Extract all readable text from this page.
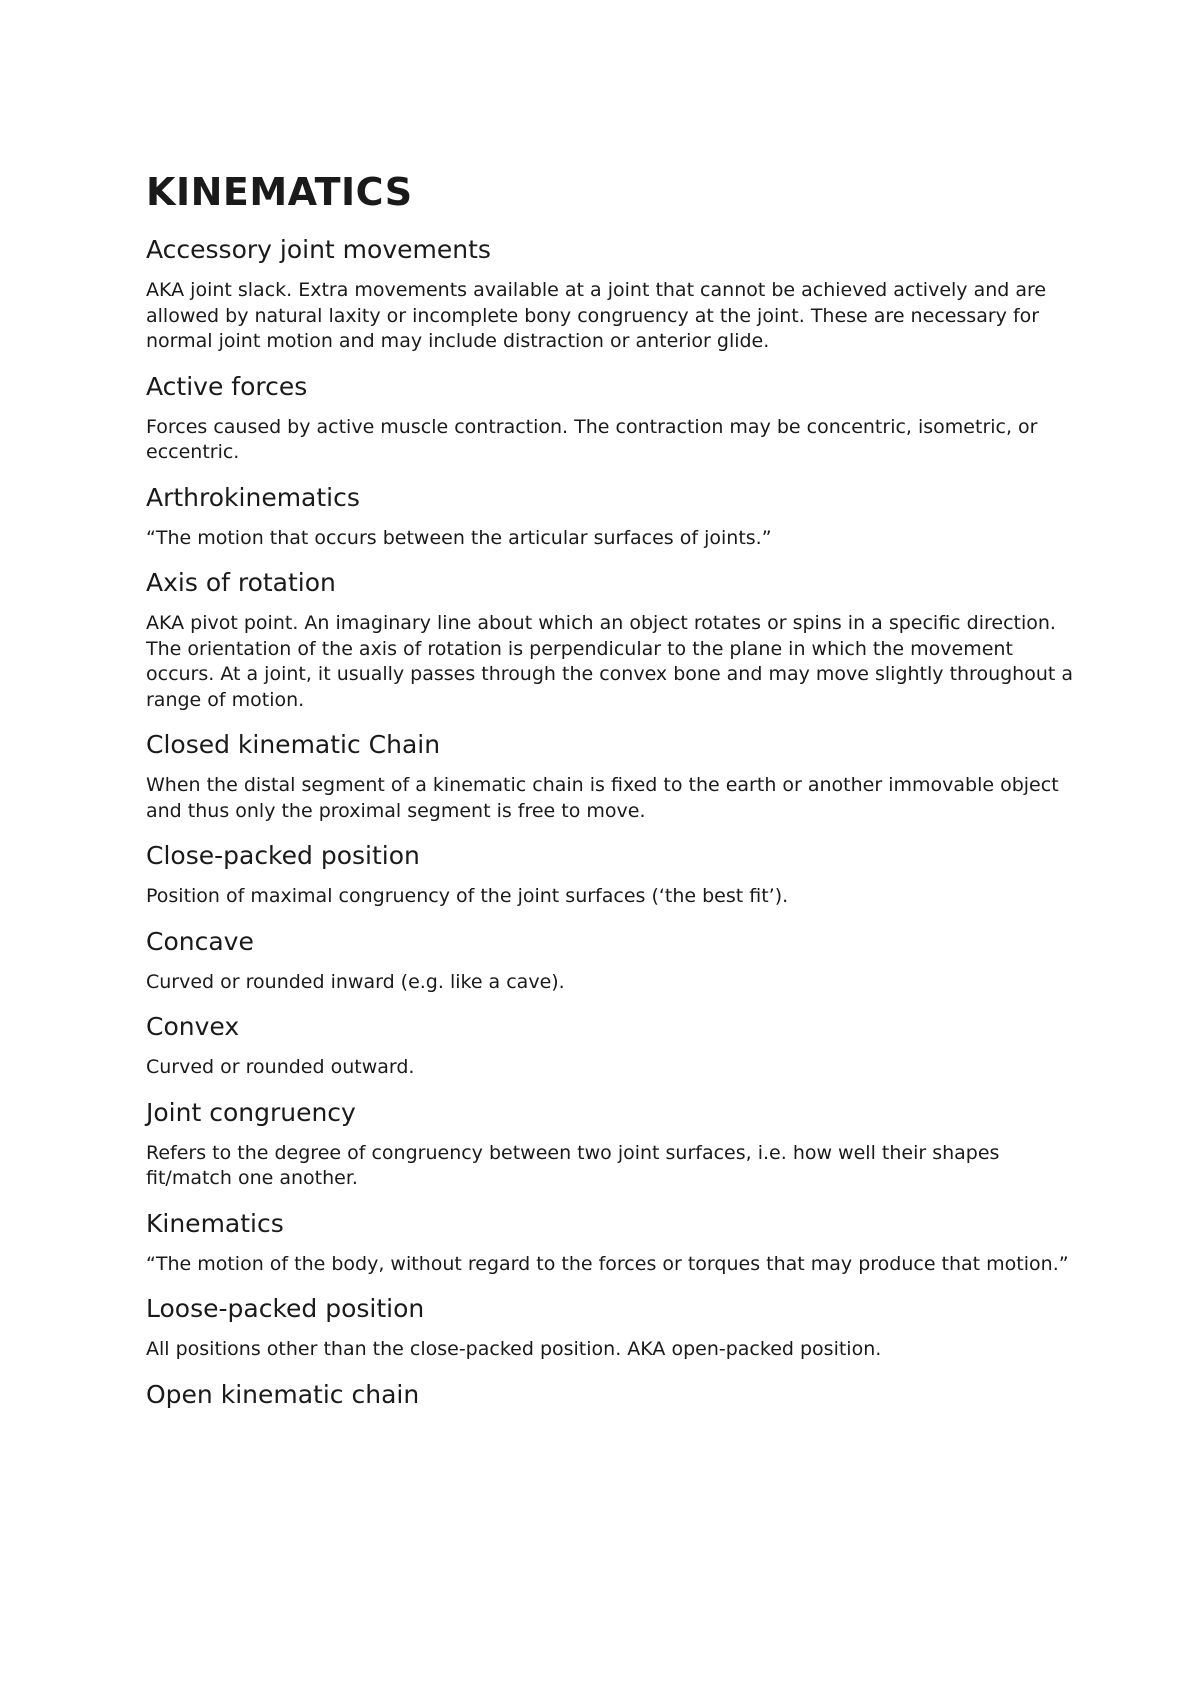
KINEMATICS
Accessory joint movements

AKA joint slack. Extra movements available at a joint that cannot be achieved actively and are allowed by natural laxity or incomplete bony congruency at the joint. These are necessary for normal joint motion and may include distraction or anterior glide.

Active forces

Forces caused by active muscle contraction. The contraction may be concentric, isometric, or eccentric.

Arthrokinematics

“The motion that occurs between the articular surfaces of joints.”

Axis of rotation

AKA pivot point. An imaginary line about which an object rotates or spins in a specific direction. The orientation of the axis of rotation is perpendicular to the plane in which the movement occurs. At a joint, it usually passes through the convex bone and may move slightly throughout a range of motion.

Closed kinematic Chain

When the distal segment of a kinematic chain is fixed to the earth or another immovable object and thus only the proximal segment is free to move.

Close-packed position

Position of maximal congruency of the joint surfaces (‘the best fit’).

Concave

Curved or rounded inward (e.g. like a cave).

Convex

Curved or rounded outward.

Joint congruency

Refers to the degree of congruency between two joint surfaces, i.e. how well their shapes fit/match one another.

Kinematics

“The motion of the body, without regard to the forces or torques that may produce that motion.”

Loose-packed position

All positions other than the close-packed position. AKA open-packed position.

Open kinematic chain
